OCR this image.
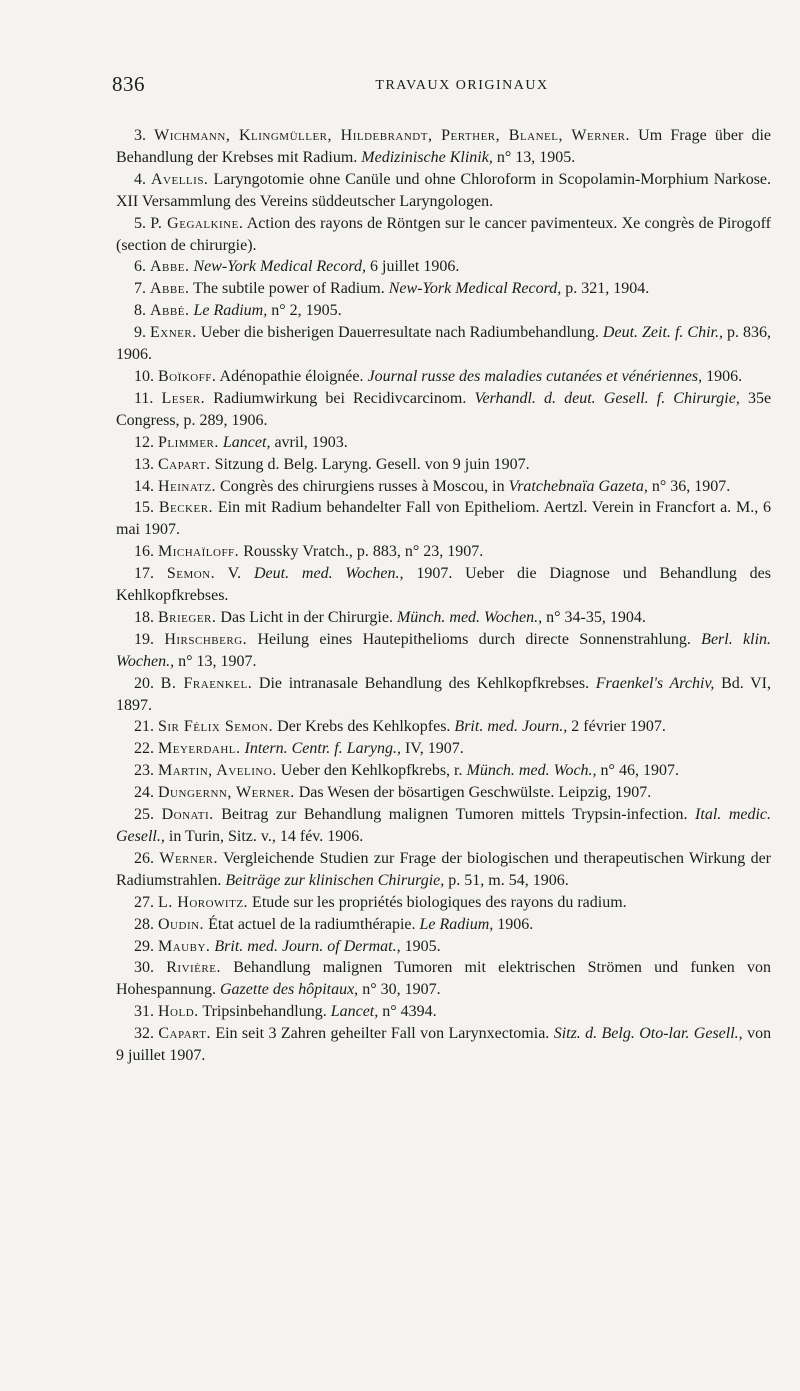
836	TRAVAUX ORIGINAUX

3. Wichmann, Klingmüller, Hildebrandt, Perther, Blanel, Werner. Um Frage über die Behandlung der Krebses mit Radium. Medizinische Klinik, n° 13, 1905.

4. Avellis. Laryngotomie ohne Canüle und ohne Chloroform in Scopolamin-Morphium Narkose. XII Versammlung des Vereins süddeutscher Laryngologen.

5. P. Gegalkine. Action des rayons de Röntgen sur le cancer pavimenteux. Xe congrès de Pirogoff (section de chirurgie).

6. Abbe. New-York Medical Record, 6 juillet 1906.

7. Abbe. The subtile power of Radium. New-York Medical Record, p. 321, 1904.

8. Abbé. Le Radium, n° 2, 1905.

9. Exner. Ueber die bisherigen Dauerresultate nach Radiumbehandlung. Deut. Zeit. f. Chir., p. 836, 1906.

10. Boïkoff. Adénopathie éloignée. Journal russe des maladies cutanées et vénériennes, 1906.

11. Leser. Radiumwirkung bei Recidivcarcinom. Verhandl. d. deut. Gesell. f. Chirurgie, 35e Congress, p. 289, 1906.

12. Plimmer. Lancet, avril, 1903.

13. Capart. Sitzung d. Belg. Laryng. Gesell. von 9 juin 1907.

14. Heinatz. Congrès des chirurgiens russes à Moscou, in Vratchebnaïa Gazeta, n° 36, 1907.

15. Becker. Ein mit Radium behandelter Fall von Epitheliom. Aertzl. Verein in Francfort a. M., 6 mai 1907.

16. Michaïloff. Rousskу Vratch., p. 883, n° 23, 1907.

17. Semon. V. Deut. med. Wochen., 1907. Ueber die Diagnose und Behandlung des Kehlkopfkrebses.

18. Brieger. Das Licht in der Chirurgie. Münch. med. Wochen., n° 34-35, 1904.

19. Hirschberg. Heilung eines Hautepithelioms durch directe Sonnenstrahlung. Berl. klin. Wochen., n° 13, 1907.

20. B. Fraenkel. Die intranasale Behandlung des Kehlkopfkrebses. Fraenkel's Archiv, Bd. VI, 1897.

21. Sir Félix Semon. Der Krebs des Kehlkopfes. Brit. med. Journ., 2 février 1907.

22. Meyerdahl. Intern. Centr. f. Laryng., IV, 1907.

23. Martin, Avelino. Ueber den Kehlkopfkrebs, r. Münch. med. Woch., n° 46, 1907.

24. Dungernn, Werner. Das Wesen der bösartigen Geschwülste. Leipzig, 1907.

25. Donati. Beitrag zur Behandlung malignen Tumoren mittels Trypsin-infection. Ital. medic. Gesell., in Turin, Sitz. v., 14 fév. 1906.

26. Werner. Vergleichende Studien zur Frage der biologischen und therapeutischen Wirkung der Radiumstrahlen. Beiträge zur klinischen Chirurgie, p. 51, m. 54, 1906.

27. L. Horowitz. Etude sur les propriétés biologiques des rayons du radium.

28. Oudin. État actuel de la radiumthérapie. Le Radium, 1906.

29. Mauby. Brit. med. Journ. of Dermat., 1905.

30. Rivière. Behandlung malignen Tumoren mit elektrischen Strömen und funken von Hohespannung. Gazette des hôpitaux, n° 30, 1907.

31. Hold. Tripsinbehandlung. Lancet, n° 4394.

32. Capart. Ein seit 3 Zahren geheilter Fall von Larynxectomia. Sitz. d. Belg. Oto-lar. Gesell., von 9 juillet 1907.
